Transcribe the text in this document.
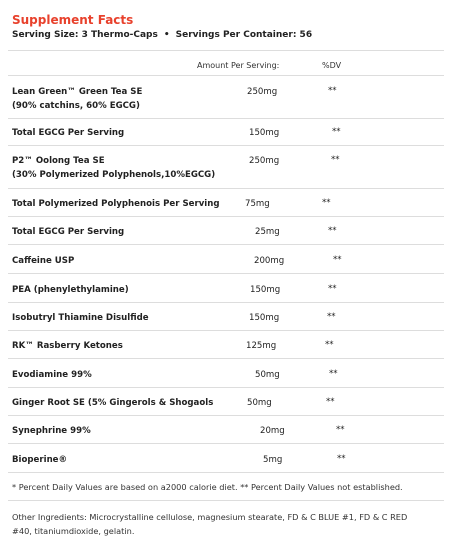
Supplement Facts
Serving Size: 3 Thermo-Caps • Servings Per Container: 56
Amount Per Serving:	%DV
Lean Green™ Green Tea SE
(90% catchins, 60% EGCG)
250mg	**
Total EGCG Per Serving	150mg	**
P2™ Oolong Tea SE
(30% Polymerized Polyphenols,10%EGCG)
250mg	**
Total Polymerized Polyphenois Per Serving	75mg	**
Total EGCG Per Serving	25mg	**
Caffeine USP	200mg	**
PEA (phenylethylamine)	150mg	**
Isobutryl Thiamine Disulfide	150mg	**
RK™ Rasberry Ketones	125mg	**
Evodiamine 99%	50mg	**
Ginger Root SE (5% Gingerols & Shogaols	50mg	**
Synephrine 99%	20mg	**
Bioperine®	5mg	**
* Percent Daily Values are based on a2000 calorie diet. ** Percent Daily Values not established.
Other Ingredients: Microcrystalline cellulose, magnesium stearate, FD & C BLUE #1, FD & C RED #40, titaniumdioxide, gelatin.
